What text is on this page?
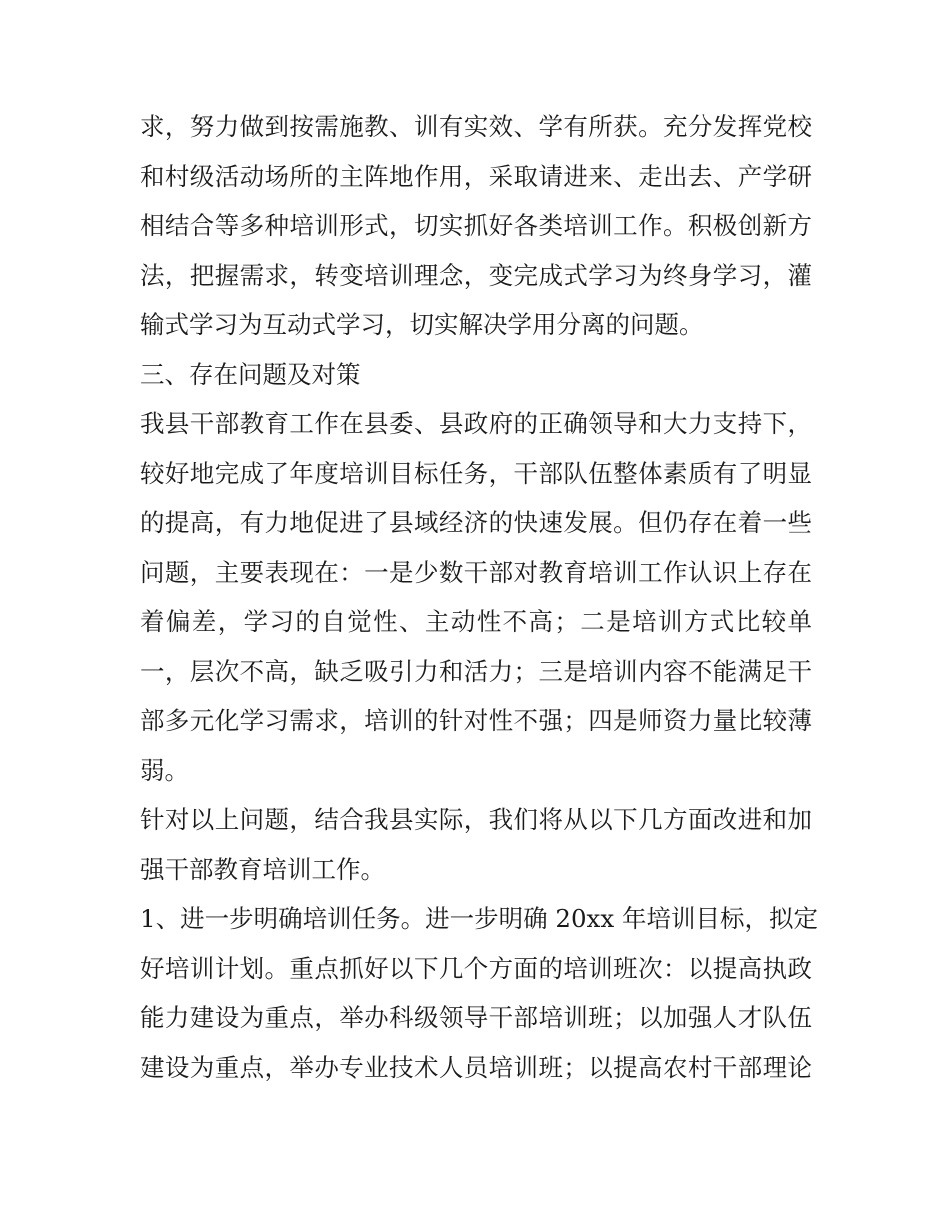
求，努力做到按需施教、训有实效、学有所获。充分发挥党校
和村级活动场所的主阵地作用，采取请进来、走出去、产学研
相结合等多种培训形式，切实抓好各类培训工作。积极创新方
法，把握需求，转变培训理念，变完成式学习为终身学习，灌
输式学习为互动式学习，切实解决学用分离的问题。
三、存在问题及对策
我县干部教育工作在县委、县政府的正确领导和大力支持下，
较好地完成了年度培训目标任务，干部队伍整体素质有了明显
的提高，有力地促进了县域经济的快速发展。但仍存在着一些
问题，主要表现在：一是少数干部对教育培训工作认识上存在
着偏差，学习的自觉性、主动性不高；二是培训方式比较单
一，层次不高，缺乏吸引力和活力；三是培训内容不能满足干
部多元化学习需求，培训的针对性不强；四是师资力量比较薄
弱。
针对以上问题，结合我县实际，我们将从以下几方面改进和加
强干部教育培训工作。
1、进一步明确培训任务。进一步明确 20xx 年培训目标，拟定
好培训计划。重点抓好以下几个方面的培训班次：以提高执政
能力建设为重点，举办科级领导干部培训班；以加强人才队伍
建设为重点，举办专业技术人员培训班；以提高农村干部理论
